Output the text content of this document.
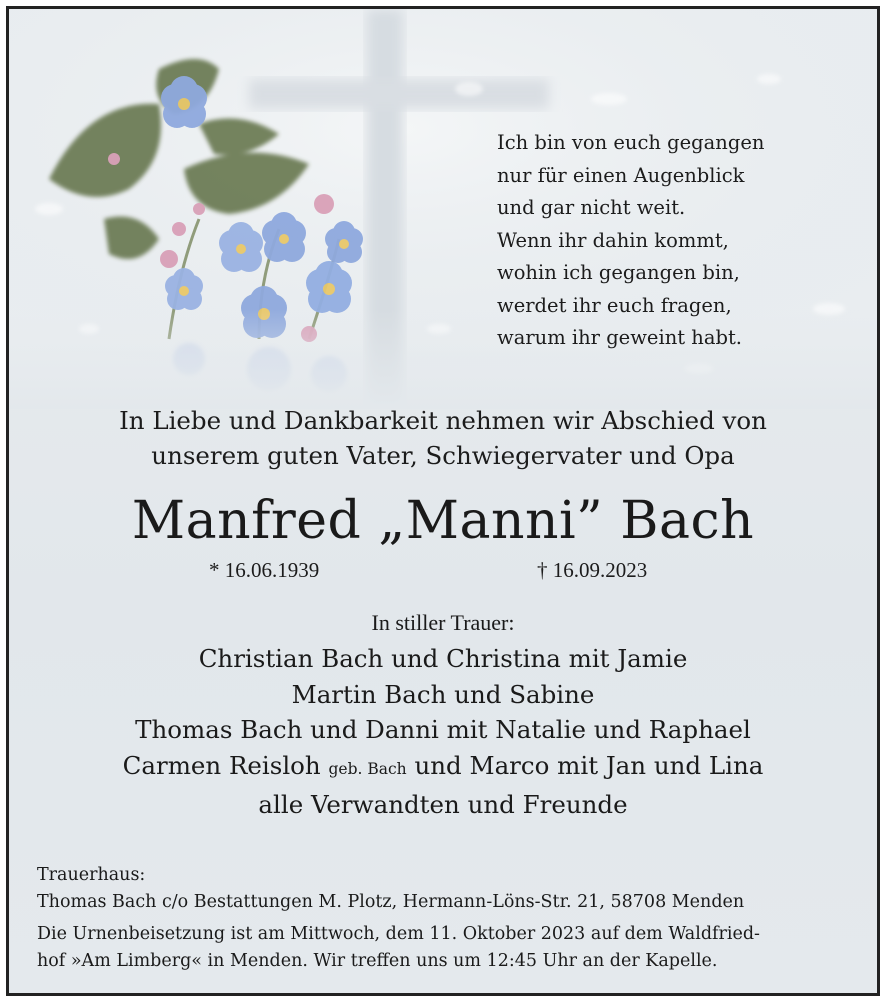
Ich bin von euch gegangen
nur für einen Augenblick
und gar nicht weit.
Wenn ihr dahin kommt,
wohin ich gegangen bin,
werdet ihr euch fragen,
warum ihr geweint habt.
In Liebe und Dankbarkeit nehmen wir Abschied von
unserem guten Vater, Schwiegervater und Opa
Manfred „Manni” Bach
* 16.06.1939	† 16.09.2023
In stiller Trauer:
Christian Bach und Christina mit Jamie
Martin Bach und Sabine
Thomas Bach und Danni mit Natalie und Raphael
Carmen Reisloh geb. Bach und Marco mit Jan und Lina
alle Verwandten und Freunde
Trauerhaus:
Thomas Bach c/o Bestattungen M. Plotz, Hermann-Löns-Str. 21, 58708 Menden
Die Urnenbeisetzung ist am Mittwoch, dem 11. Oktober 2023 auf dem Waldfried-
hof »Am Limberg« in Menden. Wir treffen uns um 12:45 Uhr an der Kapelle.
